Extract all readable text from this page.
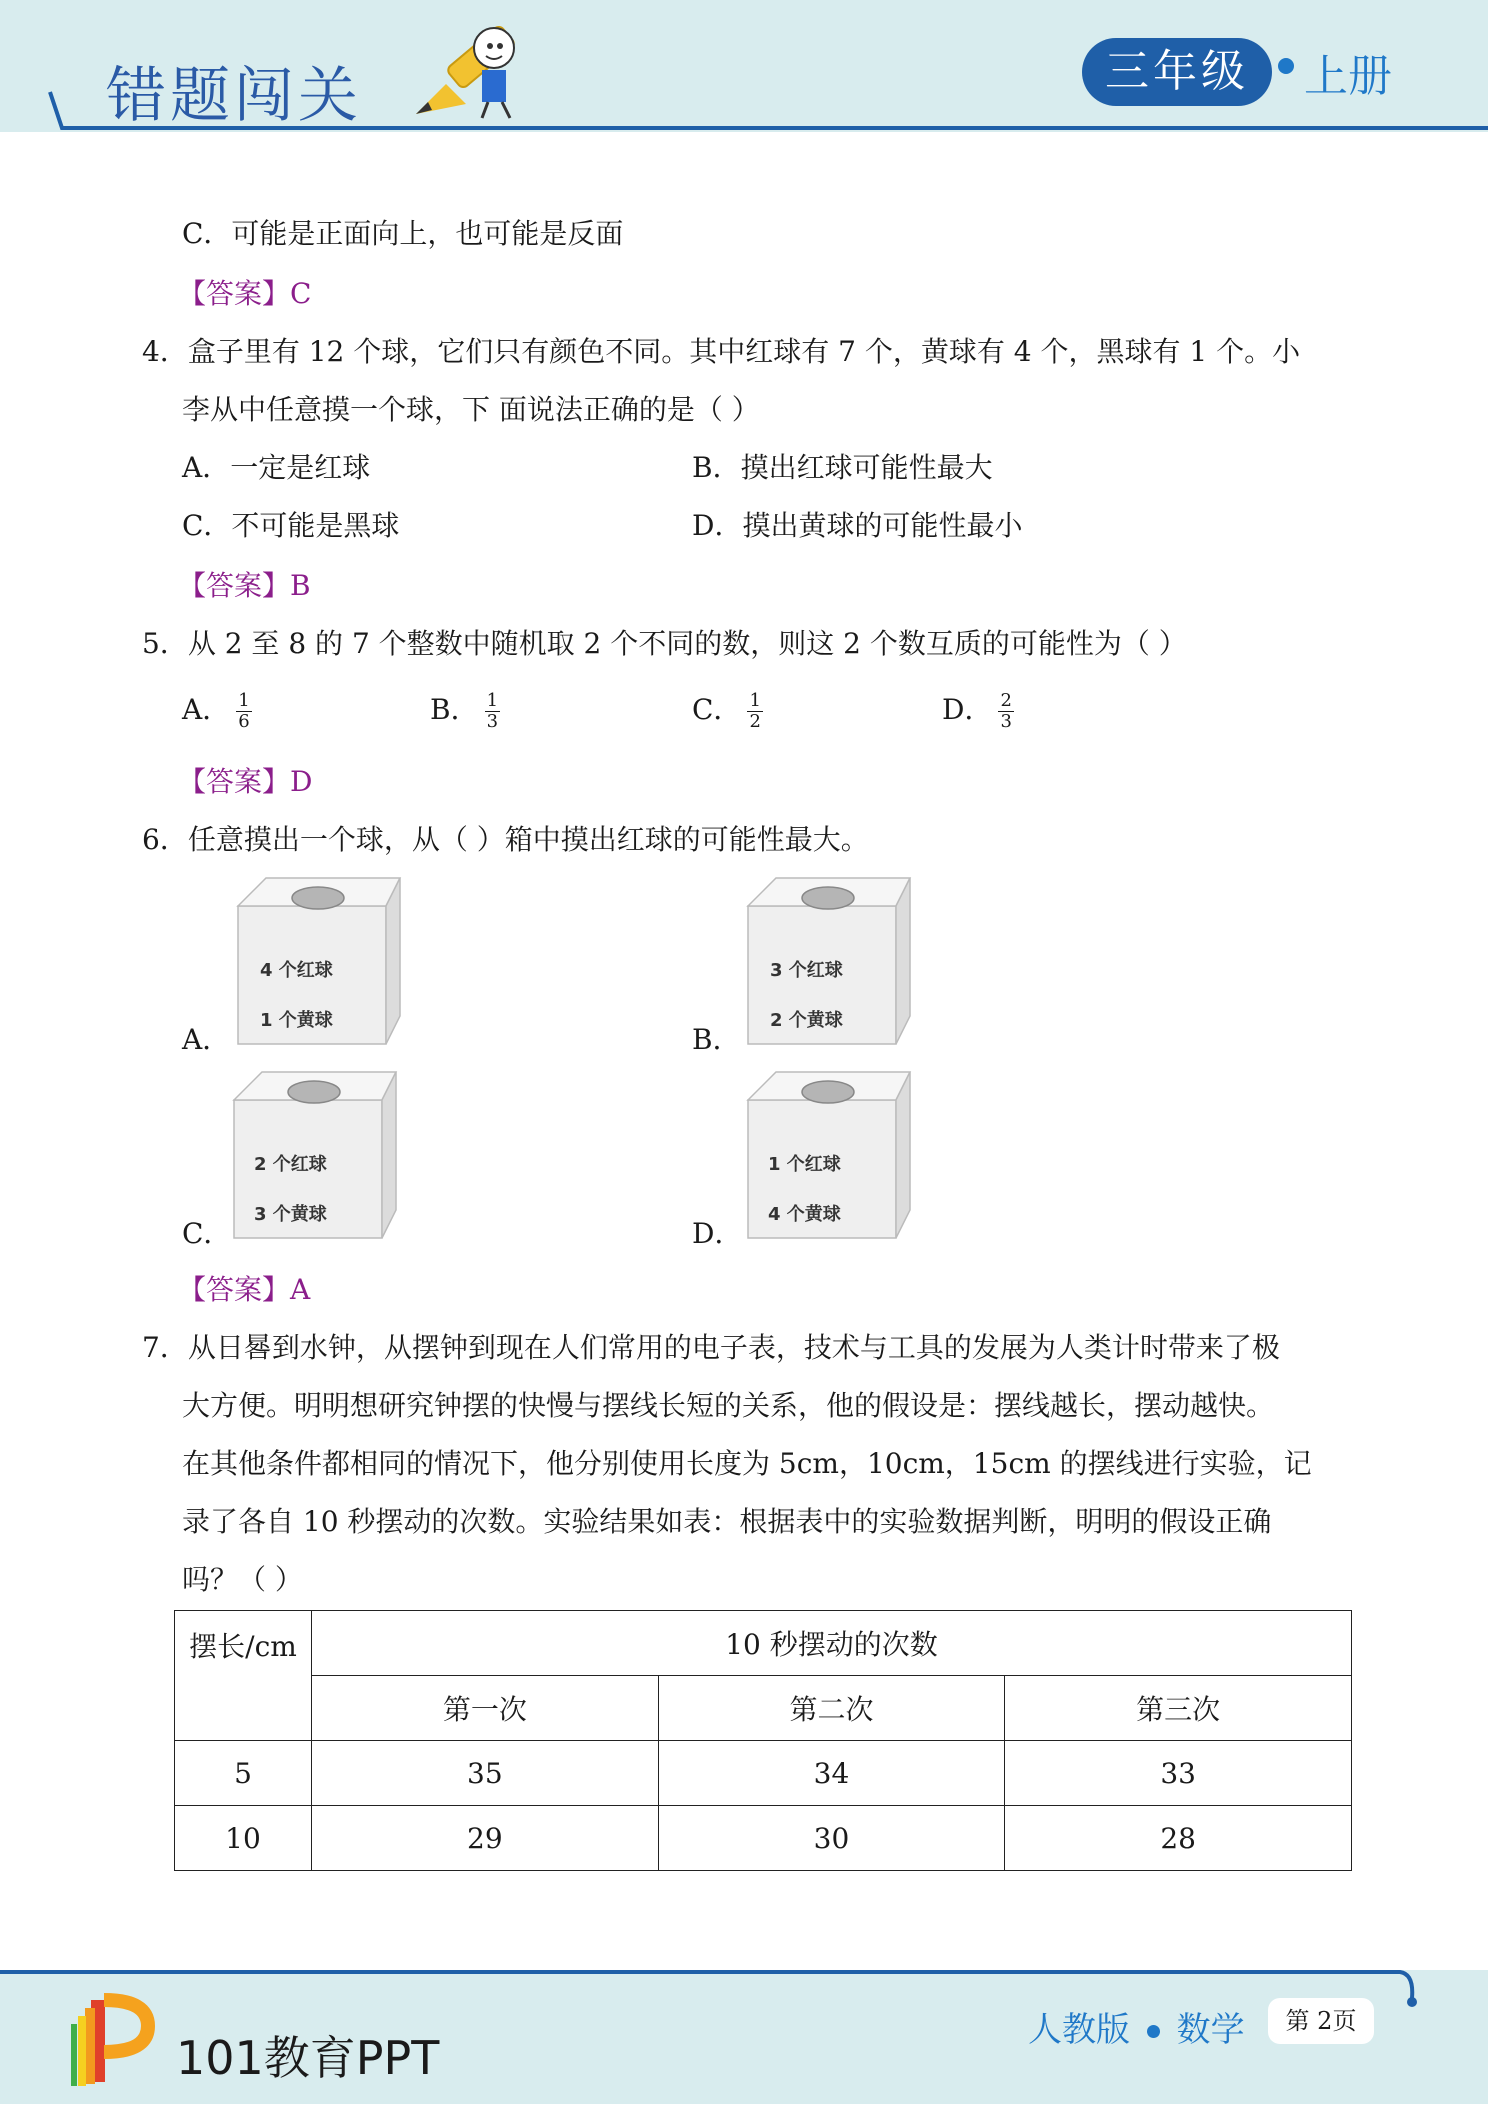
错题闯关	三年级	上册
C．可能是正面向上，也可能是反面
【答案】C
4．盒子里有 12 个球，它们只有颜色不同。其中红球有 7 个，黄球有 4 个，黑球有 1 个。小
李从中任意摸一个球，下 面说法正确的是（ ）
A．一定是红球	B．摸出红球可能性最大
C．不可能是黑球	D．摸出黄球的可能性最小
【答案】B
5．从 2 至 8 的 7 个整数中随机取 2 个不同的数，则这 2 个数互质的可能性为（ ）
A． $\frac{1}{6}$	B． $\frac{1}{3}$	C． $\frac{1}{2}$	D． $\frac{2}{3}$
【答案】D
6．任意摸出一个球，从（ ）箱中摸出红球的可能性最大。
A．
4 个红球
1 个黄球
B．
3 个红球
2 个黄球
C．
2 个红球
3 个黄球
D．
1 个红球
4 个黄球
【答案】A
7．从日晷到水钟，从摆钟到现在人们常用的电子表，技术与工具的发展为人类计时带来了极
大方便。明明想研究钟摆的快慢与摆线长短的关系，他的假设是：摆线越长，摆动越快。
在其他条件都相同的情况下，他分别使用长度为 5cm，10cm，15cm 的摆线进行实验，记
录了各自 10 秒摆动的次数。实验结果如表：根据表中的实验数据判断，明明的假设正确
吗？（ ）
摆长/cm	10 秒摆动的次数		
	第一次	第二次	第三次
5	35	34	33
10	29	30	28
101教育PPT
人教版 数学	第 2页
